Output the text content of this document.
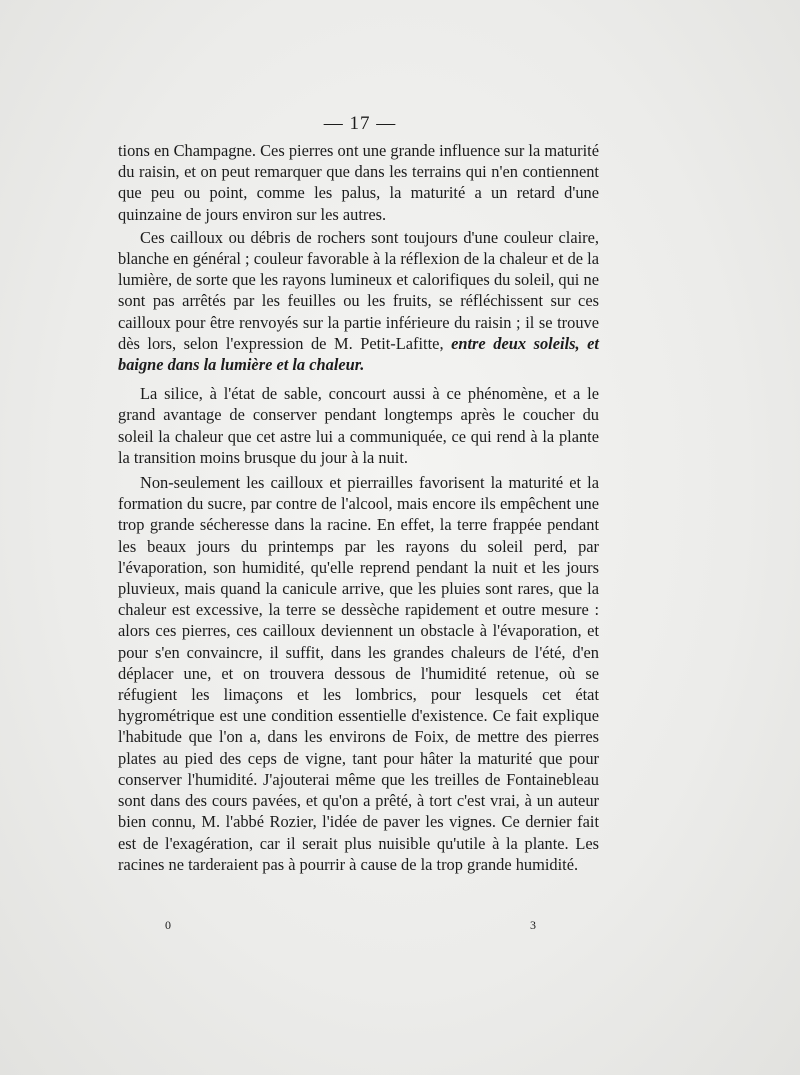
— 17 —

tions en Champagne. Ces pierres ont une grande influence sur la maturité du raisin, et on peut remarquer que dans les terrains qui n'en contiennent que peu ou point, comme les palus, la maturité a un retard d'une quinzaine de jours environ sur les autres.

Ces cailloux ou débris de rochers sont toujours d'une couleur claire, blanche en général ; couleur favorable à la réflexion de la chaleur et de la lumière, de sorte que les rayons lumineux et calorifiques du soleil, qui ne sont pas arrêtés par les feuilles ou les fruits, se réfléchissent sur ces cailloux pour être renvoyés sur la partie inférieure du raisin ; il se trouve dès lors, selon l'expression de M. Petit-Lafitte, entre deux soleils, et baigne dans la lumière et la chaleur.

La silice, à l'état de sable, concourt aussi à ce phénomène, et a le grand avantage de conserver pendant longtemps après le coucher du soleil la chaleur que cet astre lui a communiquée, ce qui rend à la plante la transition moins brusque du jour à la nuit.

Non-seulement les cailloux et pierrailles favorisent la maturité et la formation du sucre, par contre de l'alcool, mais encore ils empêchent une trop grande sécheresse dans la racine. En effet, la terre frappée pendant les beaux jours du printemps par les rayons du soleil perd, par l'évaporation, son humidité, qu'elle reprend pendant la nuit et les jours pluvieux, mais quand la canicule arrive, que les pluies sont rares, que la chaleur est excessive, la terre se dessèche rapidement et outre mesure : alors ces pierres, ces cailloux deviennent un obstacle à l'évaporation, et pour s'en convaincre, il suffit, dans les grandes chaleurs de l'été, d'en déplacer une, et on trouvera dessous de l'humidité retenue, où se réfugient les limaçons et les lombrics, pour lesquels cet état hygrométrique est une condition essentielle d'existence. Ce fait explique l'habitude que l'on a, dans les environs de Foix, de mettre des pierres plates au pied des ceps de vigne, tant pour hâter la maturité que pour conserver l'humidité. J'ajouterai même que les treilles de Fontainebleau sont dans des cours pavées, et qu'on a prêté, à tort c'est vrai, à un auteur bien connu, M. l'abbé Rozier, l'idée de paver les vignes. Ce dernier fait est de l'exagération, car il serait plus nuisible qu'utile à la plante. Les racines ne tarderaient pas à pourrir à cause de la trop grande humidité.

0	3
